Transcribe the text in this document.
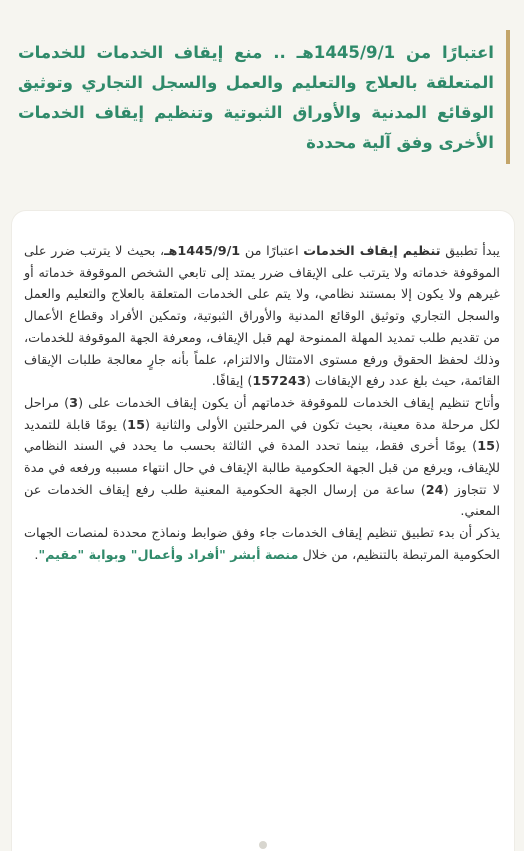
اعتبارًا من 1445/9/1هـ .. منع إيقاف الخدمات للخدمات المتعلقة بالعلاج والتعليم والعمل والسجل التجاري وتوثيق الوقائع المدنية والأوراق الثبوتية وتنظيم إيقاف الخدمات الأخرى وفق آلية محددة

يبدأ تطبيق تنظيم إيقاف الخدمات اعتبارًا من 1445/9/1هـ، بحيث لا يترتب ضرر على الموقوفة خدماته ولا يترتب على الإيقاف ضرر يمتد إلى تابعي الشخص الموقوفة خدماته أو غيرهم ولا يكون إلا بمستند نظامي، ولا يتم على الخدمات المتعلقة بالعلاج والتعليم والعمل والسجل التجاري وتوثيق الوقائع المدنية والأوراق الثبوتية، وتمكين الأفراد وقطاع الأعمال من تقديم طلب تمديد المهلة الممنوحة لهم قبل الإيقاف، ومعرفة الجهة الموقوفة للخدمات، وذلك لحفظ الحقوق ورفع مستوى الامتثال والالتزام، علماً بأنه جارٍ معالجة طلبات الإيقاف القائمة، حيث بلغ عدد رفع الإيقافات (157243) إيقافًا.

وأتاح تنظيم إيقاف الخدمات للموقوفة خدماتهم أن يكون إيقاف الخدمات على (3) مراحل لكل مرحلة مدة معينة، بحيث تكون في المرحلتين الأولى والثانية (15) يومًا قابلة للتمديد (15) يومًا أخرى فقط، بينما تحدد المدة في الثالثة بحسب ما يحدد في السند النظامي للإيقاف، ويرفع من قبل الجهة الحكومية طالبة الإيقاف في حال انتهاء مسببه ورفعه في مدة لا تتجاوز (24) ساعة من إرسال الجهة الحكومية المعنية طلب رفع إيقاف الخدمات عن المعني.

يذكر أن بدء تطبيق تنظيم إيقاف الخدمات جاء وفق ضوابط ونماذج محددة لمنصات الجهات الحكومية المرتبطة بالتنظيم، من خلال منصة أبشر "أفراد وأعمال" وبوابة "مقيم".
